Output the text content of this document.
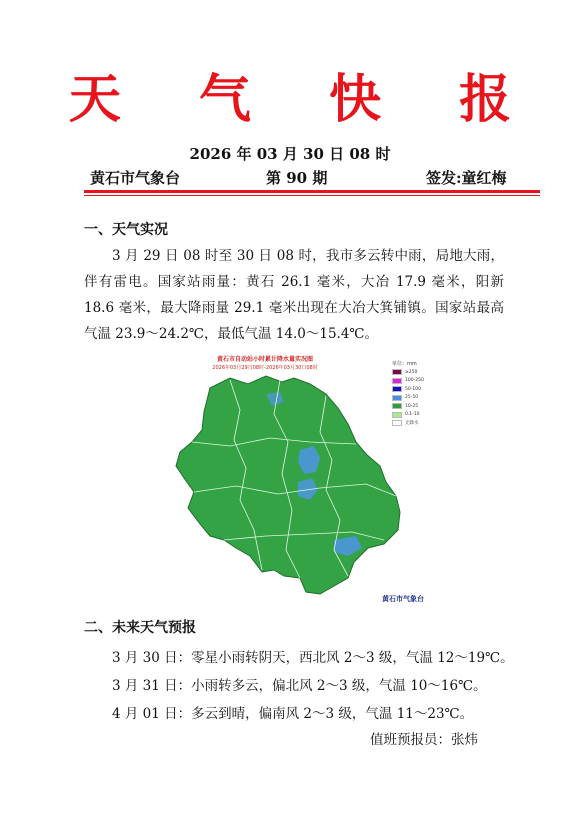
天 气 快 报
2026 年 03 月 30 日 08 时
黄石市气象台	第 90 期	签发:童红梅
一、天气实况
3 月 29 日 08 时至 30 日 08 时，我市多云转中雨，局地大雨，伴有雷电。国家站雨量：黄石 26.1 毫米，大冶 17.9 毫米，阳新 18.6 毫米，最大降雨量 29.1 毫米出现在大冶大箕铺镇。国家站最高气温 23.9～24.2℃，最低气温 14.0～15.4℃。
黄石市自动站小时累计降水量实况图
2026年03月29日08时-2026年03月30日08时
单位：mm
≥250
100-250
50-100
25-50
10-25
0.1-10
无降水
黄石市气象台
二、未来天气预报
3 月 30 日：零星小雨转阴天，西北风 2～3 级，气温 12～19℃。
3 月 31 日：小雨转多云，偏北风 2～3 级，气温 10～16℃。
4 月 01 日：多云到晴，偏南风 2～3 级，气温 11～23℃。
值班预报员：张炜
